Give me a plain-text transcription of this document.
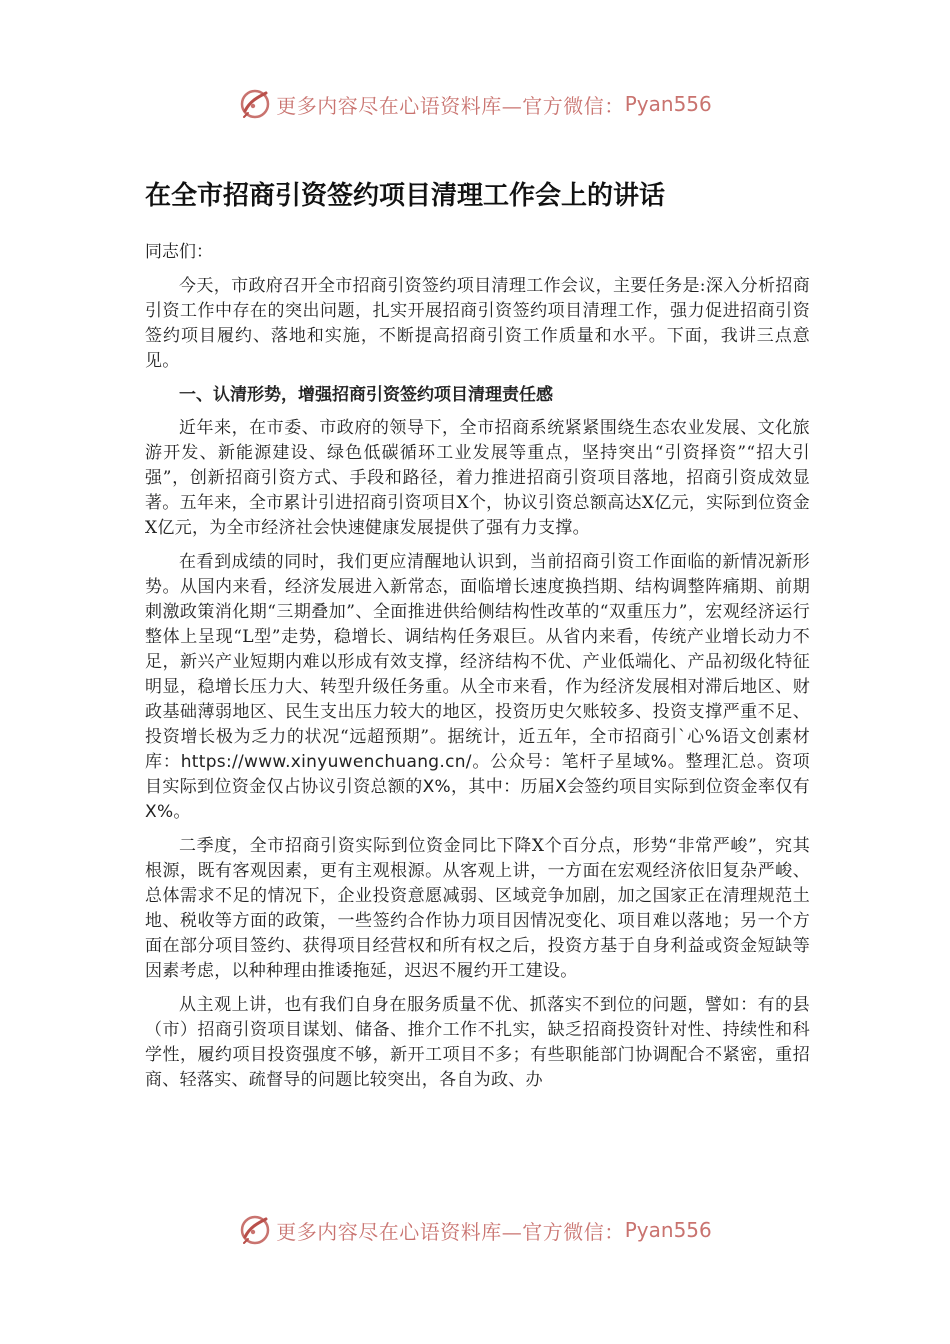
更多内容尽在心语资料库—官方微信： Pyan556
在全市招商引资签约项目清理工作会上的讲话
同志们：

今天，市政府召开全市招商引资签约项目清理工作会议，主要任务是:深入分析招商引资工作中存在的突出问题，扎实开展招商引资签约项目清理工作，强力促进招商引资签约项目履约、落地和实施，不断提高招商引资工作质量和水平。下面，我讲三点意见。

一、认清形势，增强招商引资签约项目清理责任感

近年来，在市委、市政府的领导下，全市招商系统紧紧围绕生态农业发展、文化旅游开发、新能源建设、绿色低碳循环工业发展等重点，坚持突出“引资择资”“招大引强”，创新招商引资方式、手段和路径，着力推进招商引资项目落地，招商引资成效显著。五年来，全市累计引进招商引资项目X个，协议引资总额高达X亿元，实际到位资金X亿元，为全市经济社会快速健康发展提供了强有力支撑。

在看到成绩的同时，我们更应清醒地认识到，当前招商引资工作面临的新情况新形势。从国内来看，经济发展进入新常态，面临增长速度换挡期、结构调整阵痛期、前期刺激政策消化期“三期叠加”、全面推进供给侧结构性改革的“双重压力”，宏观经济运行整体上呈现“L型”走势，稳增长、调结构任务艰巨。从省内来看，传统产业增长动力不足，新兴产业短期内难以形成有效支撑，经济结构不优、产业低端化、产品初级化特征明显，稳增长压力大、转型升级任务重。从全市来看，作为经济发展相对滞后地区、财政基础薄弱地区、民生支出压力较大的地区，投资历史欠账较多、投资支撑严重不足、投资增长极为乏力的状况“远超预期”。据统计，近五年，全市招商引`心%语文创素材库：https://www.xinyuwenchuang.cn/。公众号：笔杆子星域%。整理汇总。资项目实际到位资金仅占协议引资总额的X%，其中：历届X会签约项目实际到位资金率仅有X%。

二季度，全市招商引资实际到位资金同比下降X个百分点，形势“非常严峻”，究其根源，既有客观因素，更有主观根源。从客观上讲，一方面在宏观经济依旧复杂严峻、总体需求不足的情况下，企业投资意愿减弱、区域竞争加剧，加之国家正在清理规范土地、税收等方面的政策，一些签约合作协力项目因情况变化、项目难以落地；另一个方面在部分项目签约、获得项目经营权和所有权之后，投资方基于自身利益或资金短缺等因素考虑，以种种理由推诿拖延，迟迟不履约开工建设。

从主观上讲，也有我们自身在服务质量不优、抓落实不到位的问题，譬如：有的县（市）招商引资项目谋划、储备、推介工作不扎实，缺乏招商投资针对性、持续性和科学性，履约项目投资强度不够，新开工项目不多；有些职能部门协调配合不紧密，重招商、轻落实、疏督导的问题比较突出，各自为政、办

更多内容尽在心语资料库—官方微信： Pyan556
